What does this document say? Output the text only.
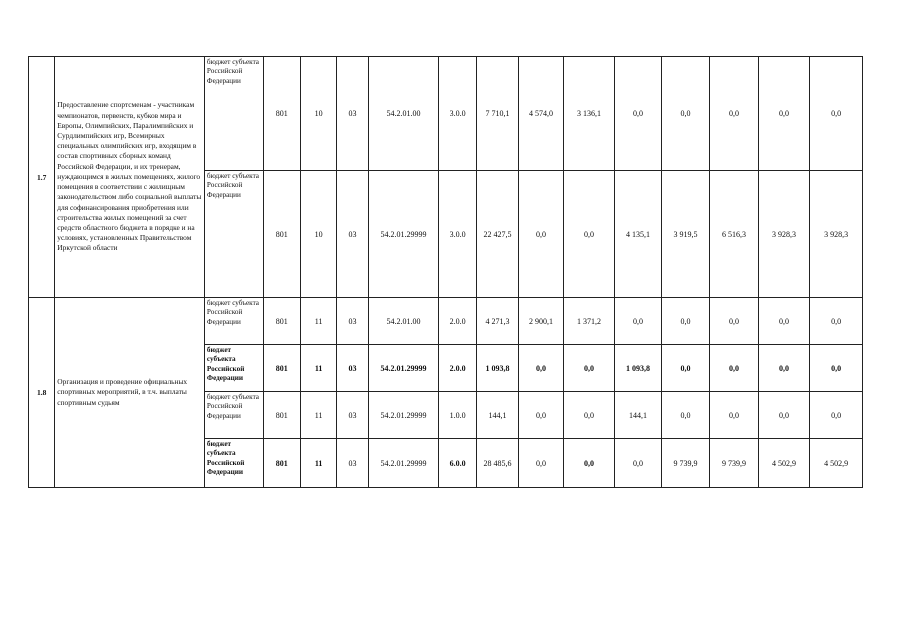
1.7	Предоставление спортсменам - участникам чемпионатов, первенств, кубков мира и Европы, Олимпийских, Паралимпийских и Сурдлимпийских игр, Всемирных специальных олимпийских игр, входящим в состав спортивных сборных команд Российской Федерации, и их тренерам, нуждающимся в жилых помещениях, жилого помещения в соответствии с жилищным законодательством либо социальной выплаты для софинансирования приобретения или строительства жилых помещений за счет средств областного бюджета в порядке и на условиях, установленных Правительством Иркутской области	бюджет субъекта Российской Федерации	801	10	03	54.2.01.00	3.0.0	7 710,1	4 574,0	3 136,1	0,0	0,0	0,0	0,0	0,0
		бюджет субъекта Российской Федерации	801	10	03	54.2.01.29999	3.0.0	22 427,5	0,0	0,0	4 135,1	3 919,5	6 516,3	3 928,3	3 928,3
1.8	Организация и проведение официальных спортивных мероприятий, в т.ч. выплаты спортивным судьям	бюджет субъекта Российской Федерации	801	11	03	54.2.01.00	2.0.0	4 271,3	2 900,1	1 371,2	0,0	0,0	0,0	0,0	0,0
		бюджет субъекта Российской Федерации	801	11	03	54.2.01.29999	2.0.0	1 093,8	0,0	0,0	1 093,8	0,0	0,0	0,0	0,0
		бюджет субъекта Российской Федерации	801	11	03	54.2.01.29999	1.0.0	144,1	0,0	0,0	144,1	0,0	0,0	0,0	0,0
		бюджет субъекта Российской Федерации	801	11	03	54.2.01.29999	6.0.0	28 485,6	0,0	0,0	0,0	9 739,9	9 739,9	4 502,9	4 502,9
